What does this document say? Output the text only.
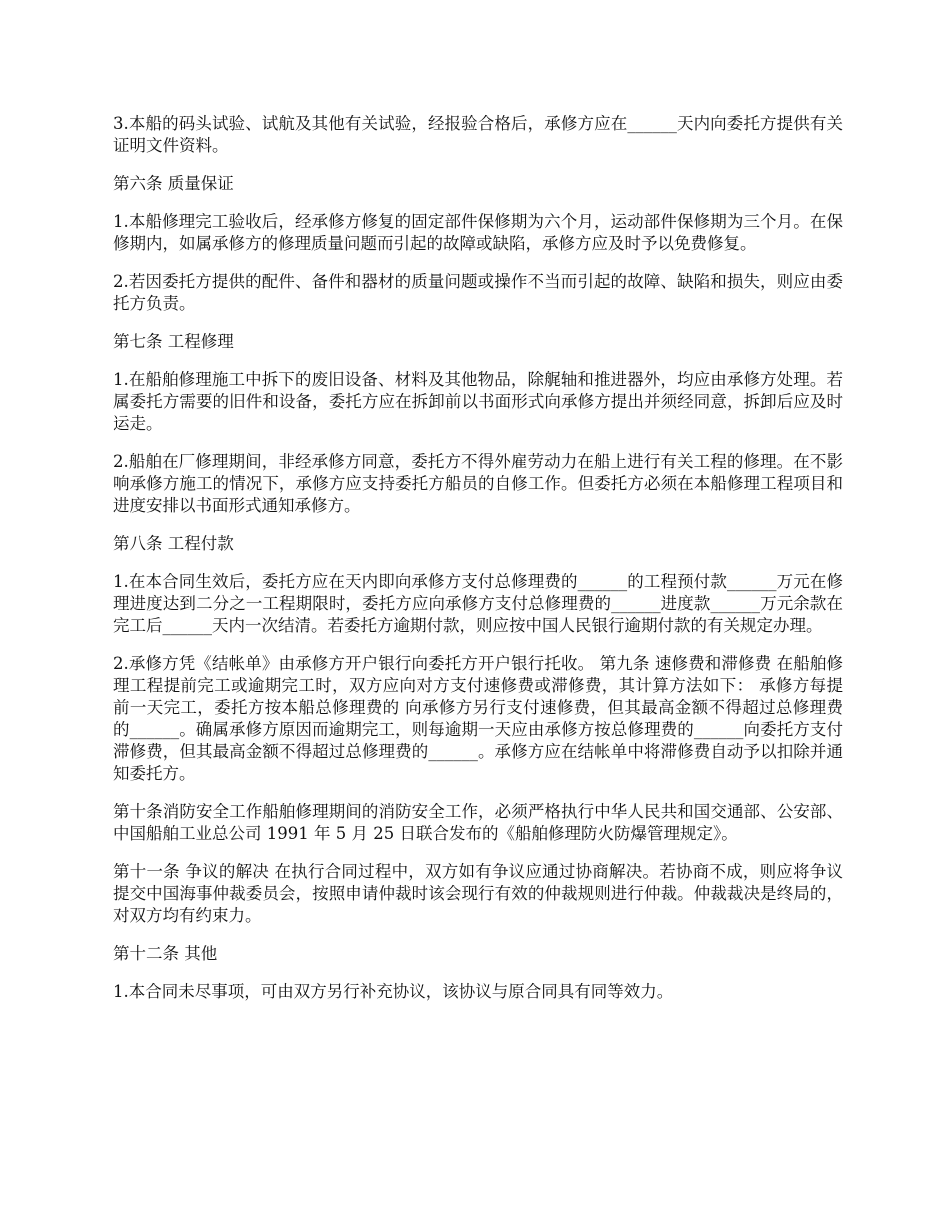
3.本船的码头试验、试航及其他有关试验，经报验合格后，承修方应在______天内向委托方提供有关证明文件资料。

第六条 质量保证

1.本船修理完工验收后，经承修方修复的固定部件保修期为六个月，运动部件保修期为三个月。在保修期内，如属承修方的修理质量问题而引起的故障或缺陷，承修方应及时予以免费修复。

2.若因委托方提供的配件、备件和器材的质量问题或操作不当而引起的故障、缺陷和损失，则应由委托方负责。

第七条 工程修理

1.在船舶修理施工中拆下的废旧设备、材料及其他物品，除艉轴和推进器外，均应由承修方处理。若属委托方需要的旧件和设备，委托方应在拆卸前以书面形式向承修方提出并须经同意，拆卸后应及时运走。

2.船舶在厂修理期间，非经承修方同意，委托方不得外雇劳动力在船上进行有关工程的修理。在不影响承修方施工的情况下，承修方应支持委托方船员的自修工作。但委托方必须在本船修理工程项目和进度安排以书面形式通知承修方。

第八条 工程付款

1.在本合同生效后，委托方应在天内即向承修方支付总修理费的______的工程预付款______万元在修理进度达到二分之一工程期限时，委托方应向承修方支付总修理费的______进度款______万元余款在完工后______天内一次结清。若委托方逾期付款，则应按中国人民银行逾期付款的有关规定办理。

2.承修方凭《结帐单》由承修方开户银行向委托方开户银行托收。 第九条 速修费和滞修费 在船舶修理工程提前完工或逾期完工时，双方应向对方支付速修费或滞修费，其计算方法如下： 承修方每提前一天完工，委托方按本船总修理费的 向承修方另行支付速修费，但其最高金额不得超过总修理费的______。确属承修方原因而逾期完工，则每逾期一天应由承修方按总修理费的______向委托方支付滞修费，但其最高金额不得超过总修理费的______。承修方应在结帐单中将滞修费自动予以扣除并通知委托方。

第十条消防安全工作船舶修理期间的消防安全工作，必须严格执行中华人民共和国交通部、公安部、中国船舶工业总公司 1991 年 5 月 25 日联合发布的《船舶修理防火防爆管理规定》。

第十一条 争议的解决 在执行合同过程中，双方如有争议应通过协商解决。若协商不成，则应将争议提交中国海事仲裁委员会，按照申请仲裁时该会现行有效的仲裁规则进行仲裁。仲裁裁决是终局的，对双方均有约束力。

第十二条 其他

1.本合同未尽事项，可由双方另行补充协议，该协议与原合同具有同等效力。
